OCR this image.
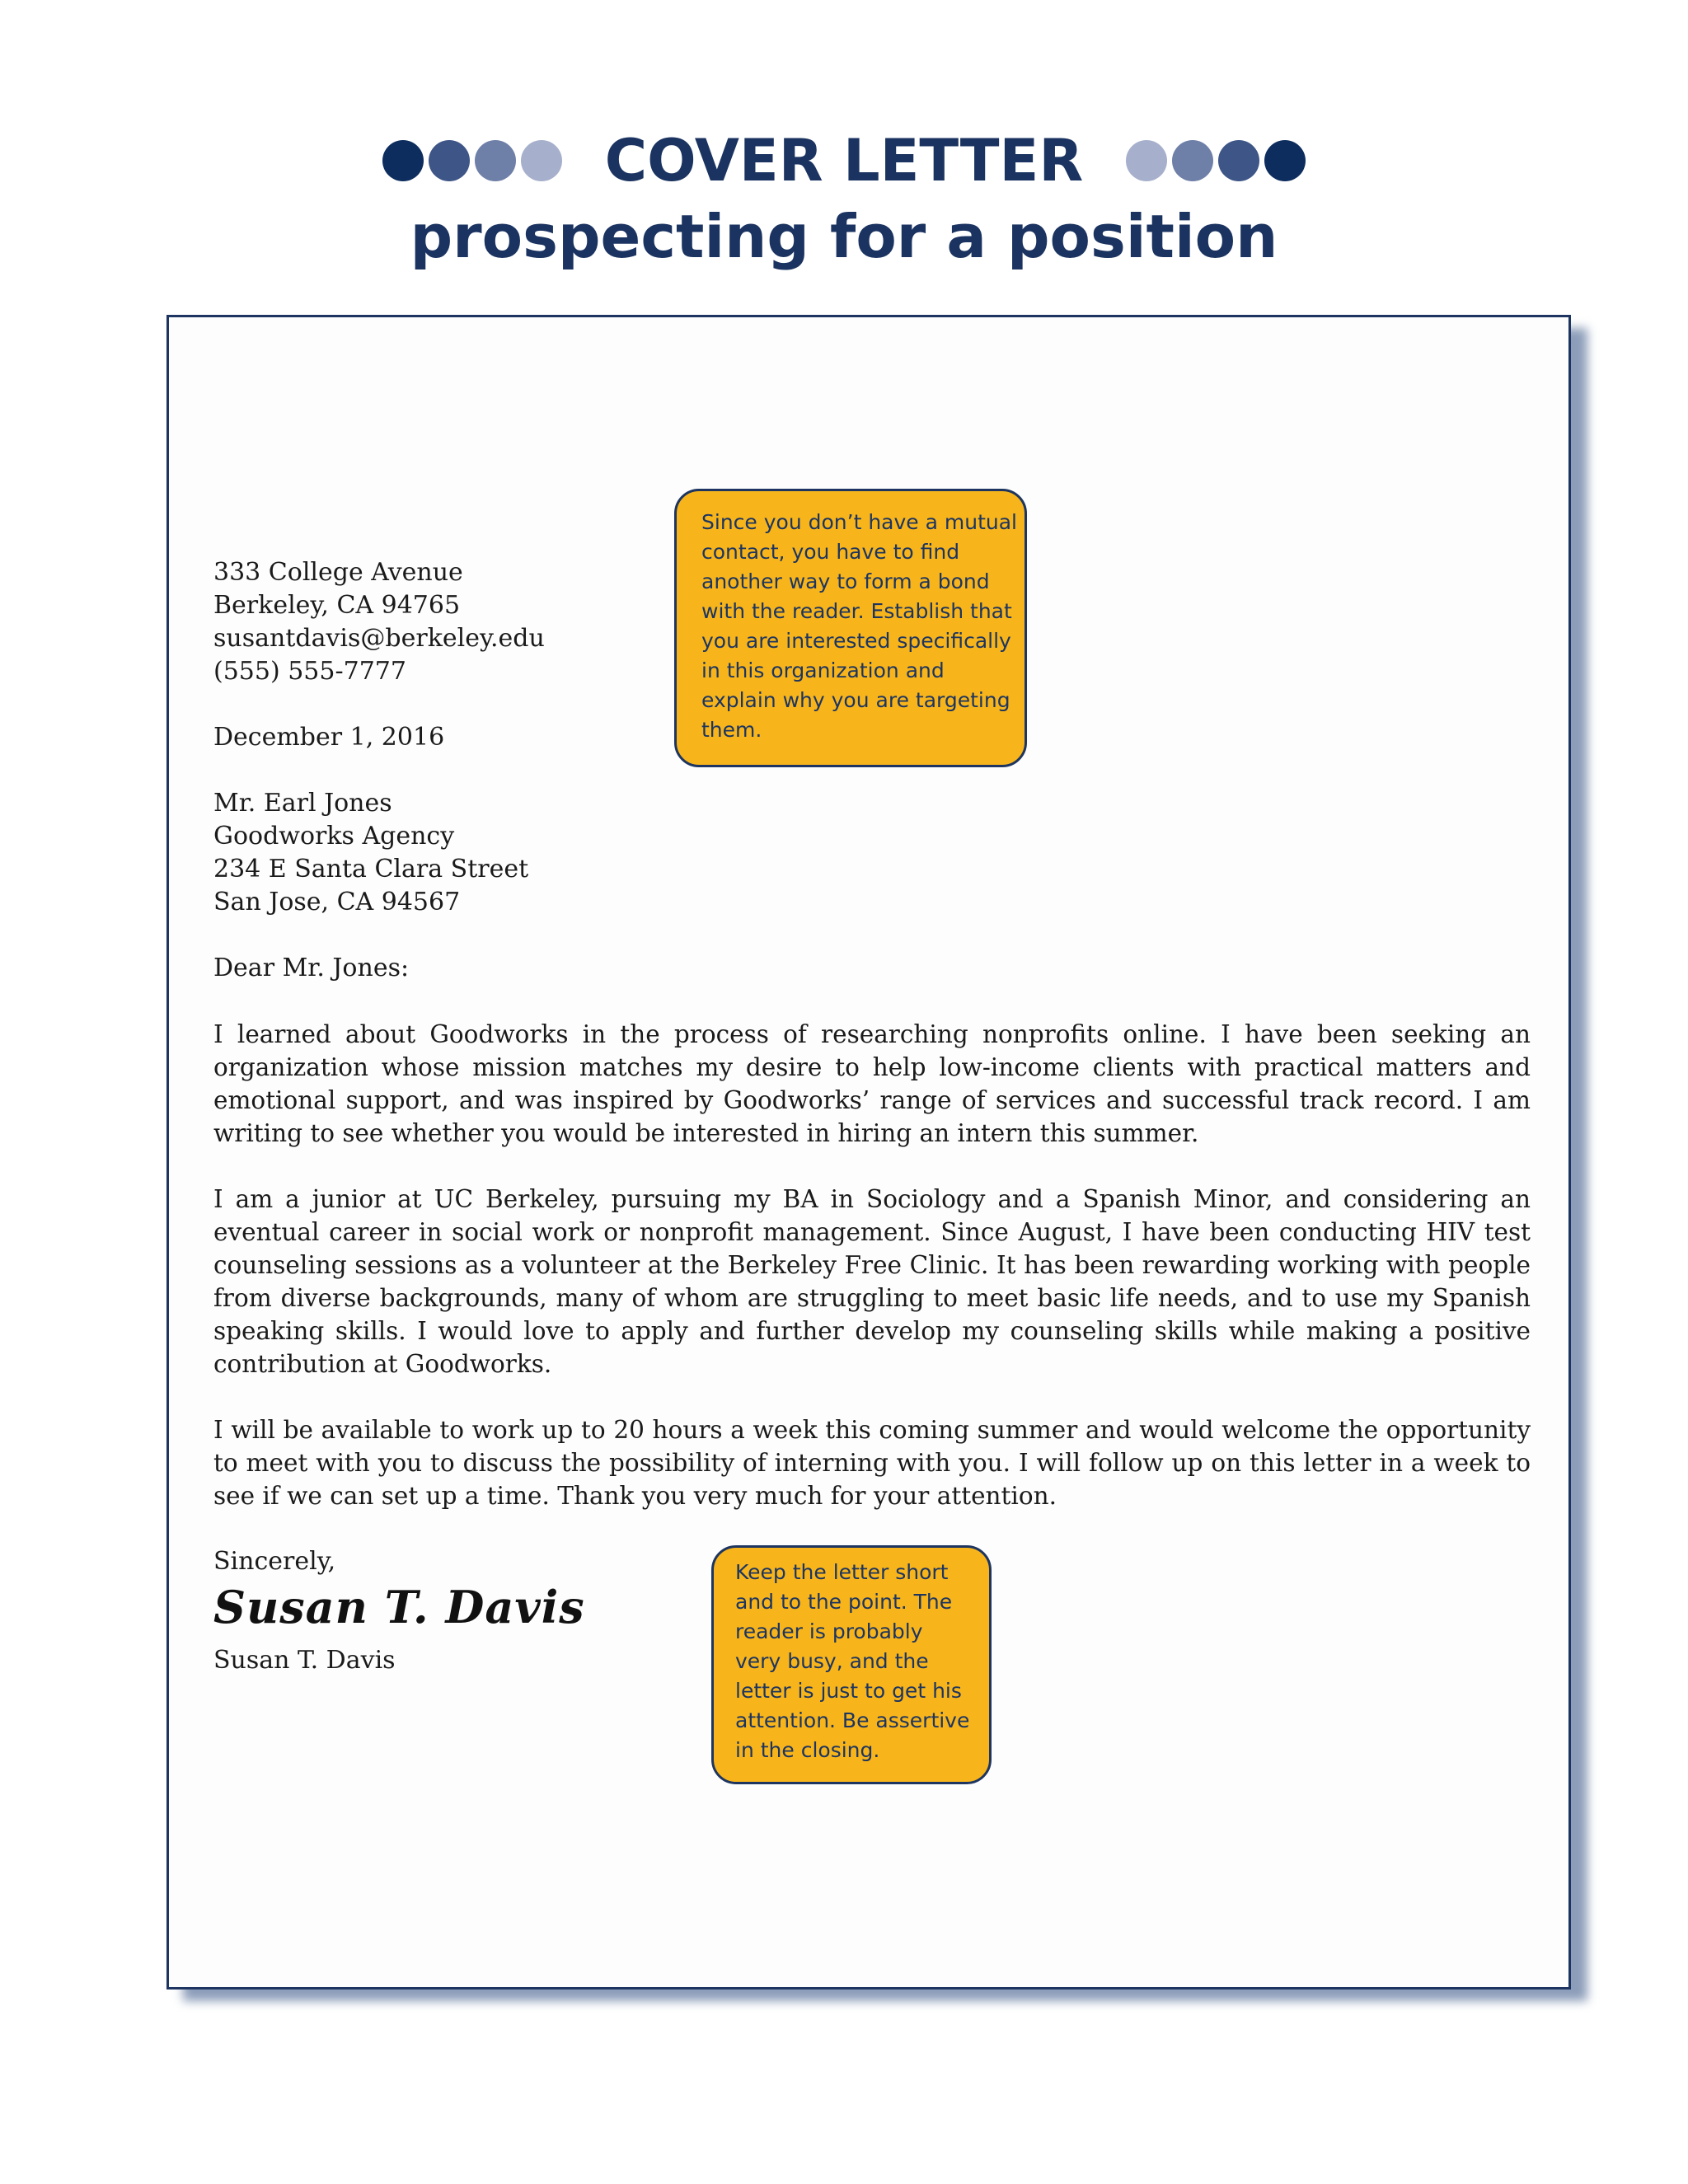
COVER LETTER
prospecting for a position
333 College Avenue
Berkeley, CA 94765
susantdavis@berkeley.edu
(555) 555-7777
December 1, 2016
Mr. Earl Jones
Goodworks Agency
234 E Santa Clara Street
San Jose, CA 94567
Dear Mr. Jones:
I learned about Goodworks in the process of researching nonprofits online. I have been seeking an organization whose mission matches my desire to help low-income clients with practical matters and emotional support, and was inspired by Goodworks’ range of services and successful track record. I am writing to see whether you would be interested in hiring an intern this summer.
I am a junior at UC Berkeley, pursuing my BA in Sociology and a Spanish Minor, and considering an eventual career in social work or nonprofit management. Since August, I have been conducting HIV test counseling sessions as a volunteer at the Berkeley Free Clinic. It has been rewarding working with people from diverse backgrounds, many of whom are struggling to meet basic life needs, and to use my Spanish speaking skills. I would love to apply and further develop my counseling skills while making a positive contribution at Goodworks.
I will be available to work up to 20 hours a week this coming summer and would welcome the opportunity to meet with you to discuss the possibility of interning with you. I will follow up on this letter in a week to see if we can set up a time. Thank you very much for your attention.
Sincerely,
Susan T. Davis
Susan T. Davis
Since you don’t have a mutual
contact, you have to find
another way to form a bond
with the reader. Establish that
you are interested specifically
in this organization and
explain why you are targeting
them.
Keep the letter short
and to the point. The
reader is probably
very busy, and the
letter is just to get his
attention. Be assertive
in the closing.
